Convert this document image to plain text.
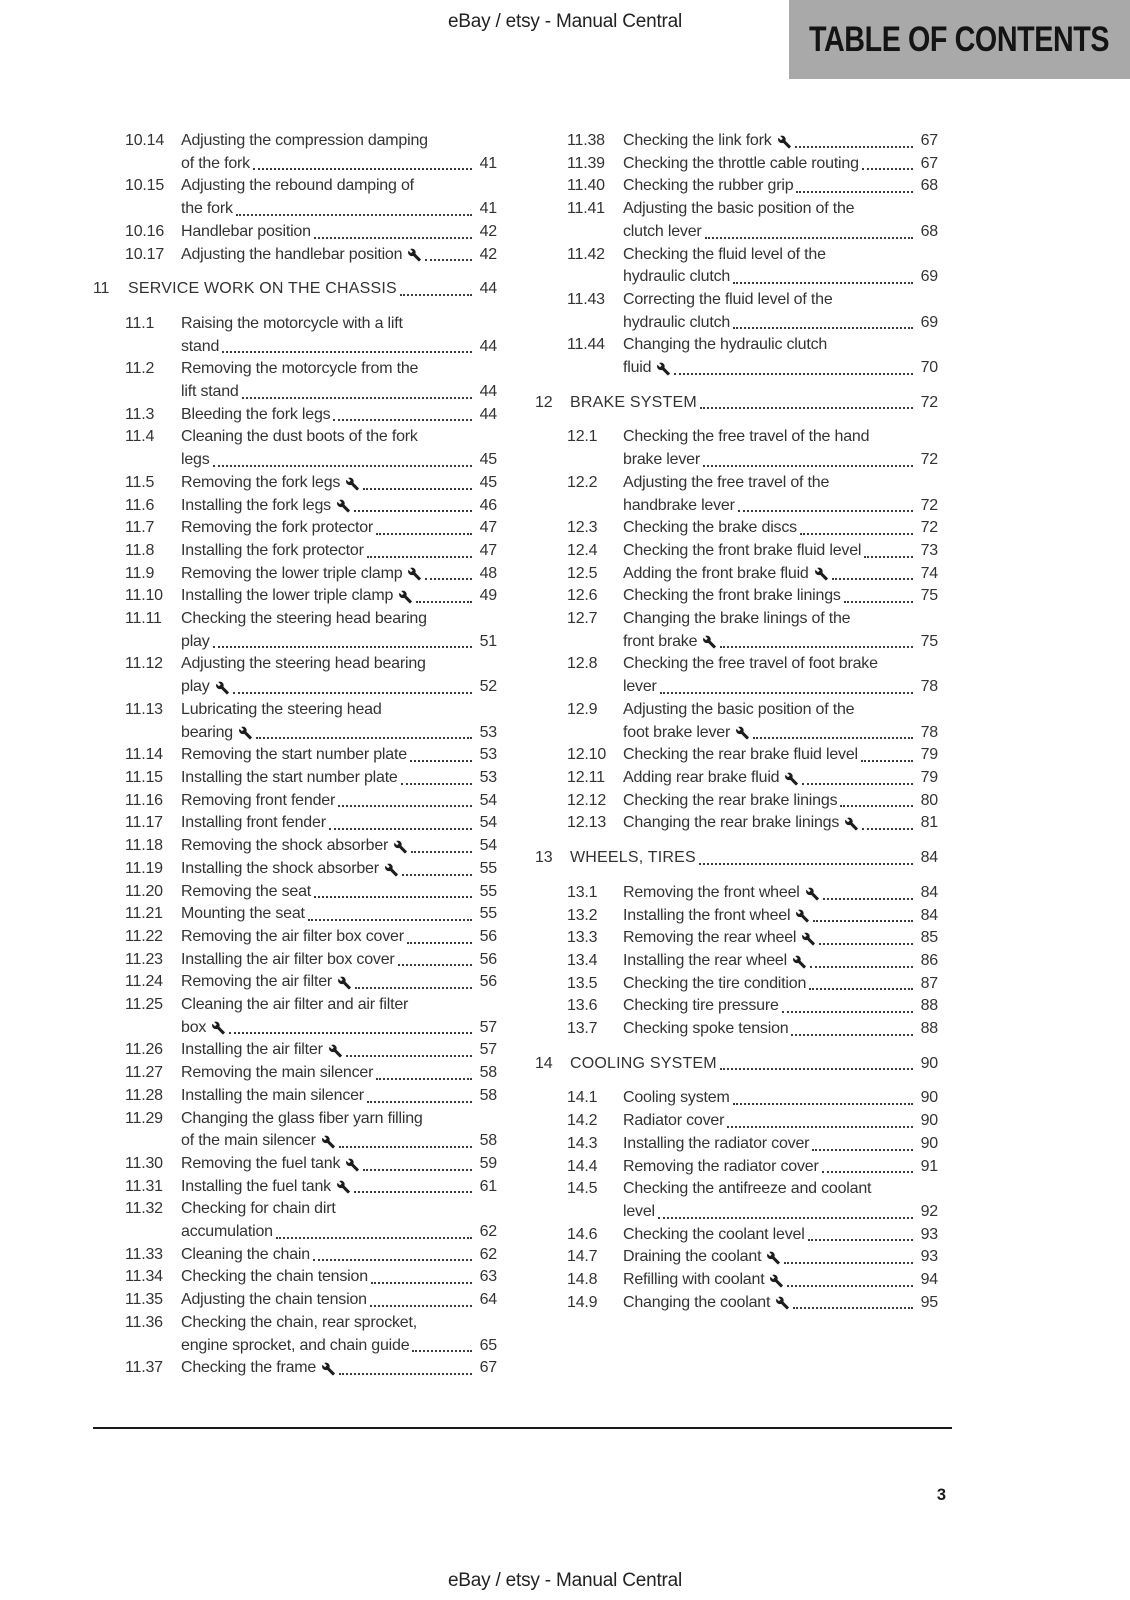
eBay / etsy - Manual Central	TABLE OF CONTENTS
10.14	Adjusting the compression damping
of the fork	41
10.15	Adjusting the rebound damping of
the fork	41
10.16	Handlebar position	42
10.17	Adjusting the handlebar position	42
11	SERVICE WORK ON THE CHASSIS	44
11.1	Raising the motorcycle with a lift
stand	44
11.2	Removing the motorcycle from the
lift stand	44
11.3	Bleeding the fork legs	44
11.4	Cleaning the dust boots of the fork
legs	45
11.5	Removing the fork legs	45
11.6	Installing the fork legs	46
11.7	Removing the fork protector	47
11.8	Installing the fork protector	47
11.9	Removing the lower triple clamp	48
11.10	Installing the lower triple clamp	49
11.11	Checking the steering head bearing
play	51
11.12	Adjusting the steering head bearing
play	52
11.13	Lubricating the steering head
bearing	53
11.14	Removing the start number plate	53
11.15	Installing the start number plate	53
11.16	Removing front fender	54
11.17	Installing front fender	54
11.18	Removing the shock absorber	54
11.19	Installing the shock absorber	55
11.20	Removing the seat	55
11.21	Mounting the seat	55
11.22	Removing the air filter box cover	56
11.23	Installing the air filter box cover	56
11.24	Removing the air filter	56
11.25	Cleaning the air filter and air filter
box	57
11.26	Installing the air filter	57
11.27	Removing the main silencer	58
11.28	Installing the main silencer	58
11.29	Changing the glass fiber yarn filling
of the main silencer	58
11.30	Removing the fuel tank	59
11.31	Installing the fuel tank	61
11.32	Checking for chain dirt
accumulation	62
11.33	Cleaning the chain	62
11.34	Checking the chain tension	63
11.35	Adjusting the chain tension	64
11.36	Checking the chain, rear sprocket,
engine sprocket, and chain guide	65
11.37	Checking the frame	67
11.38	Checking the link fork	67
11.39	Checking the throttle cable routing	67
11.40	Checking the rubber grip	68
11.41	Adjusting the basic position of the
clutch lever	68
11.42	Checking the fluid level of the
hydraulic clutch	69
11.43	Correcting the fluid level of the
hydraulic clutch	69
11.44	Changing the hydraulic clutch
fluid	70
12	BRAKE SYSTEM	72
12.1	Checking the free travel of the hand
brake lever	72
12.2	Adjusting the free travel of the
handbrake lever	72
12.3	Checking the brake discs	72
12.4	Checking the front brake fluid level	73
12.5	Adding the front brake fluid	74
12.6	Checking the front brake linings	75
12.7	Changing the brake linings of the
front brake	75
12.8	Checking the free travel of foot brake
lever	78
12.9	Adjusting the basic position of the
foot brake lever	78
12.10	Checking the rear brake fluid level	79
12.11	Adding rear brake fluid	79
12.12	Checking the rear brake linings	80
12.13	Changing the rear brake linings	81
13	WHEELS, TIRES	84
13.1	Removing the front wheel	84
13.2	Installing the front wheel	84
13.3	Removing the rear wheel	85
13.4	Installing the rear wheel	86
13.5	Checking the tire condition	87
13.6	Checking tire pressure	88
13.7	Checking spoke tension	88
14	COOLING SYSTEM	90
14.1	Cooling system	90
14.2	Radiator cover	90
14.3	Installing the radiator cover	90
14.4	Removing the radiator cover	91
14.5	Checking the antifreeze and coolant
level	92
14.6	Checking the coolant level	93
14.7	Draining the coolant	93
14.8	Refilling with coolant	94
14.9	Changing the coolant	95
3
eBay / etsy - Manual Central
